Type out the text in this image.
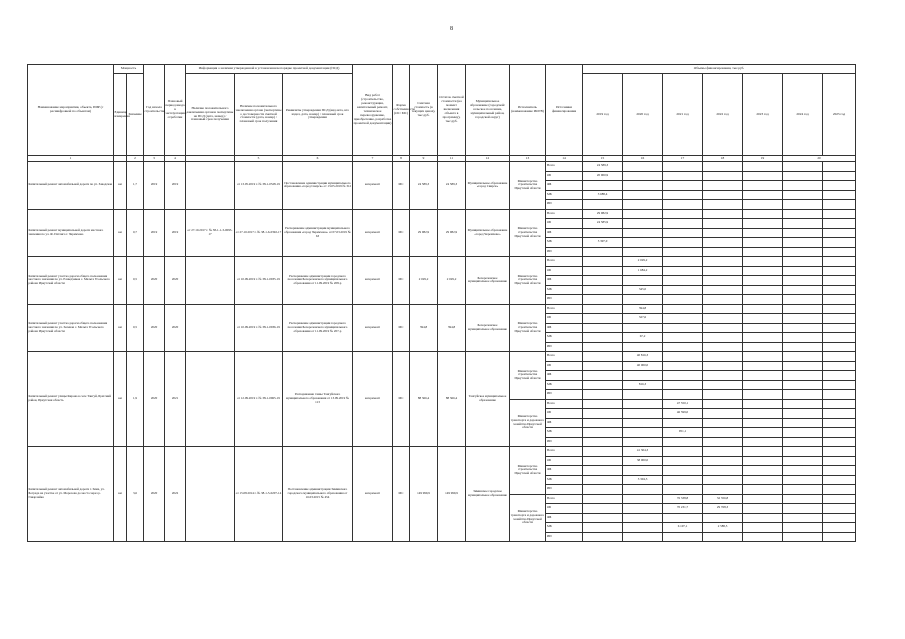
8
Наименование мероприятия, объекта, ПИР (с расшифровкой по объектам)	Мощность		Год начала строительства	Плановый период ввода в эксплуатацию/отработки	Информация о наличии утвержденной в установленном порядке проектной документации (ПСД)			Вид работ (строительство, реконструкция, капитальный ремонт, техническое перевооружение, приобретение, разработка проектной документации)	Форма собственности (ОС/ МС)	Сметная стоимость (в текущих ценах), тыс.руб.	Остаток сметной стоимости (на момент включения объекта в программу), тыс.руб.	Муниципальное образование (городской/сельское поселение, муниципальный район, городской округ)	Исполнитель (наименование ИОГВ)	Источники финансирования	Объемы финансирования, тыс.руб.						
	Единица измерения	Значение			Наличие положительного заключения органов экспертизы на ПСД (дата, номер) / плановый срок получения	Наличие положительного заключения органа (экспертизы о достоверности сметной стоимости (дата, номер) / плановый срок получения	Реквизиты утверждения ПСД (вид акта, кто издал, дата, номер) / плановый срок утверждения								2019 год	2020 год	2021 год	2022 год	2023 год	2024 год	2025 год
1		2	3	4		5	6	7	8	9	11	12	13	14	15	16	17	18	19	20	
Капитальный ремонт автомобильной дороги по ул. Заводская	км	1,7	2019	2019		от 13.05.2019 г. № 38-1-0528-19	Постановление администрации муниципального образования «город Свирск» от 13.05.2019 № 312	кап.ремонт	МС	24 589,3	24 589,3	Муниципальное образование «город Свирск»	Министерство строительства Иркутской области	Всего	24 589,3						
														ОБ	20 900,9						
														ФБ							
														МБ	3 688,4						
														ИИ							
Капитальный ремонт муниципальной дороги местного значения по ул. Ф. Патлиса г. Черемхово	км	0,7	2019	2019	от 27.10.2017 г. № 38-1-1-3-0093-17	от 27.10.2017 г. № 38-1-6-0392-17	Распоряжение администрации муниципального образования «город Черемхово» от 07.03.2019 № 63	кап.ремонт	МС	29 982,9	29 982,9	Муниципальное образование «город Черемхово»	Министерство строительства Иркутской области	Всего	29 982,9						
														ОБ	24 585,9						
														ФБ							
														МБ	5 397,0						
														ИИ							
Капитальный ремонт участка дороги общего пользования местного значения по ул. Разведчиков с. Мальта Усольского района Иркутской области	км	0,5	2020	2020		от 10.09.2019 г. № 38-1-0935-19	Распоряжение администрации городского поселения Белореченского муниципального образования от 11.09.2019 № 208-р	кап.ремонт	МС	2 029,2	2 029,2	Белореченское муниципальное образование	Министерство строительства Иркутской области	Всего		2 029,2					
														ОБ		1 684,2					
														ФБ							
														МБ		345,0					
														ИИ							
Капитальный ремонт участка дороги общего пользования местного значения по ул. Зеленая с. Мальта Усольского района Иркутской области	км	0,5	2020	2020		от 10.09.2019 г. № 38-1-0936-19	Распоряжение администрации городского поселения Белореченского муниципального образования от 11.09.2019 № 207-р	кап.ремонт	МС	394,8	394,8	Белореченское муниципальное образование	Министерство строительства Иркутской области	Всего		394,8					
														ОБ		327,6					
														ФБ							
														МБ		67,2					
														ИИ							
Капитальный ремонт улицы Кирова в селе Тангуй, Братский район, Иркутская область	км	1,9	2020	2021		от 12.09.2019 г. № 38-1-0965-19	Распоряжение главы Тангуйского муниципального образования от 13.09.2019 № 113	кап.ремонт	МС	88 366,4	88 366,4	Тангуйское муниципальное образование	Министерство строительства Иркутской области	Всего		40 816,3					
														ОБ		40 000,0					
														ФБ							
														МБ		816,3					
														ИИ							
													Министерство транспорта и дорожного хозяйства Иркутской области	Всего			47 550,1				
														ОБ			46 599,0				
														ФБ							
														МБ			951,1				
														ИИ							
Капитальный ремонт автомобильной дороги г. Зима, ул. Бограда на участке от ул. Морозова до моста через р. Гаварлейка	км	3,6	2020	2022		от 15.08.2014 г. № 38-1-5-0207-14	Постановление администрации Зиминского городского муниципального образования от 16.03.2015 № 454	кап.ремонт	МС	149 999,9	149 999,9	Зиминское городское муниципальное образование	Министерство строительства Иркутской области	Всего		41 304,3					
														ОБ		38 000,0					
														ФБ							
														МБ		3 304,3					
														ИИ							
													Министерство транспорта и дорожного хозяйства Иркутской области	Всего			76 338,8	32 356,8			
														ОБ			70 231,7	29 768,3			
														ФБ							
														МБ			6 107,1	2 588,5			
														ИИ							
